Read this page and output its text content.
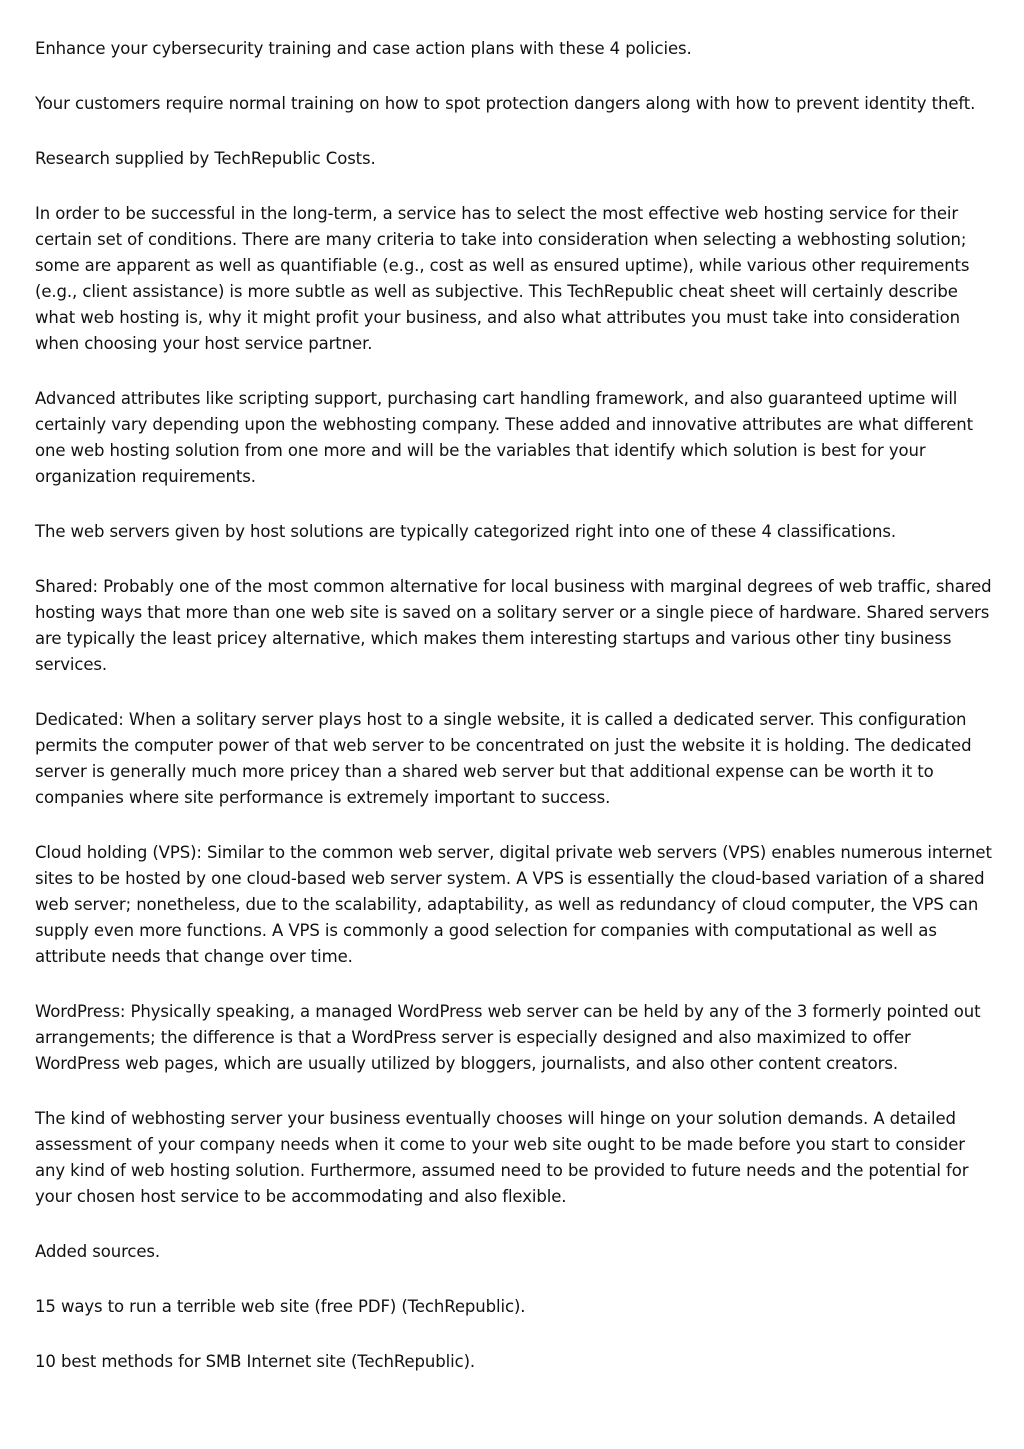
Enhance your cybersecurity training and case action plans with these 4 policies.

Your customers require normal training on how to spot protection dangers along with how to prevent identity theft.

Research supplied by TechRepublic Costs.

In order to be successful in the long-term, a service has to select the most effective web hosting service for their certain set of conditions. There are many criteria to take into consideration when selecting a webhosting solution; some are apparent as well as quantifiable (e.g., cost as well as ensured uptime), while various other requirements (e.g., client assistance) is more subtle as well as subjective. This TechRepublic cheat sheet will certainly describe what web hosting is, why it might profit your business, and also what attributes you must take into consideration when choosing your host service partner.

Advanced attributes like scripting support, purchasing cart handling framework, and also guaranteed uptime will certainly vary depending upon the webhosting company. These added and innovative attributes are what different one web hosting solution from one more and will be the variables that identify which solution is best for your organization requirements.

The web servers given by host solutions are typically categorized right into one of these 4 classifications.

Shared: Probably one of the most common alternative for local business with marginal degrees of web traffic, shared hosting ways that more than one web site is saved on a solitary server or a single piece of hardware. Shared servers are typically the least pricey alternative, which makes them interesting startups and various other tiny business services.

Dedicated: When a solitary server plays host to a single website, it is called a dedicated server. This configuration permits the computer power of that web server to be concentrated on just the website it is holding. The dedicated server is generally much more pricey than a shared web server but that additional expense can be worth it to companies where site performance is extremely important to success.

Cloud holding (VPS): Similar to the common web server, digital private web servers (VPS) enables numerous internet sites to be hosted by one cloud-based web server system. A VPS is essentially the cloud-based variation of a shared web server; nonetheless, due to the scalability, adaptability, as well as redundancy of cloud computer, the VPS can supply even more functions. A VPS is commonly a good selection for companies with computational as well as attribute needs that change over time.

WordPress: Physically speaking, a managed WordPress web server can be held by any of the 3 formerly pointed out arrangements; the difference is that a WordPress server is especially designed and also maximized to offer WordPress web pages, which are usually utilized by bloggers, journalists, and also other content creators.

The kind of webhosting server your business eventually chooses will hinge on your solution demands. A detailed assessment of your company needs when it come to your web site ought to be made before you start to consider any kind of web hosting solution. Furthermore, assumed need to be provided to future needs and the potential for your chosen host service to be accommodating and also flexible.

Added sources.

15 ways to run a terrible web site (free PDF) (TechRepublic).

10 best methods for SMB Internet site (TechRepublic).
